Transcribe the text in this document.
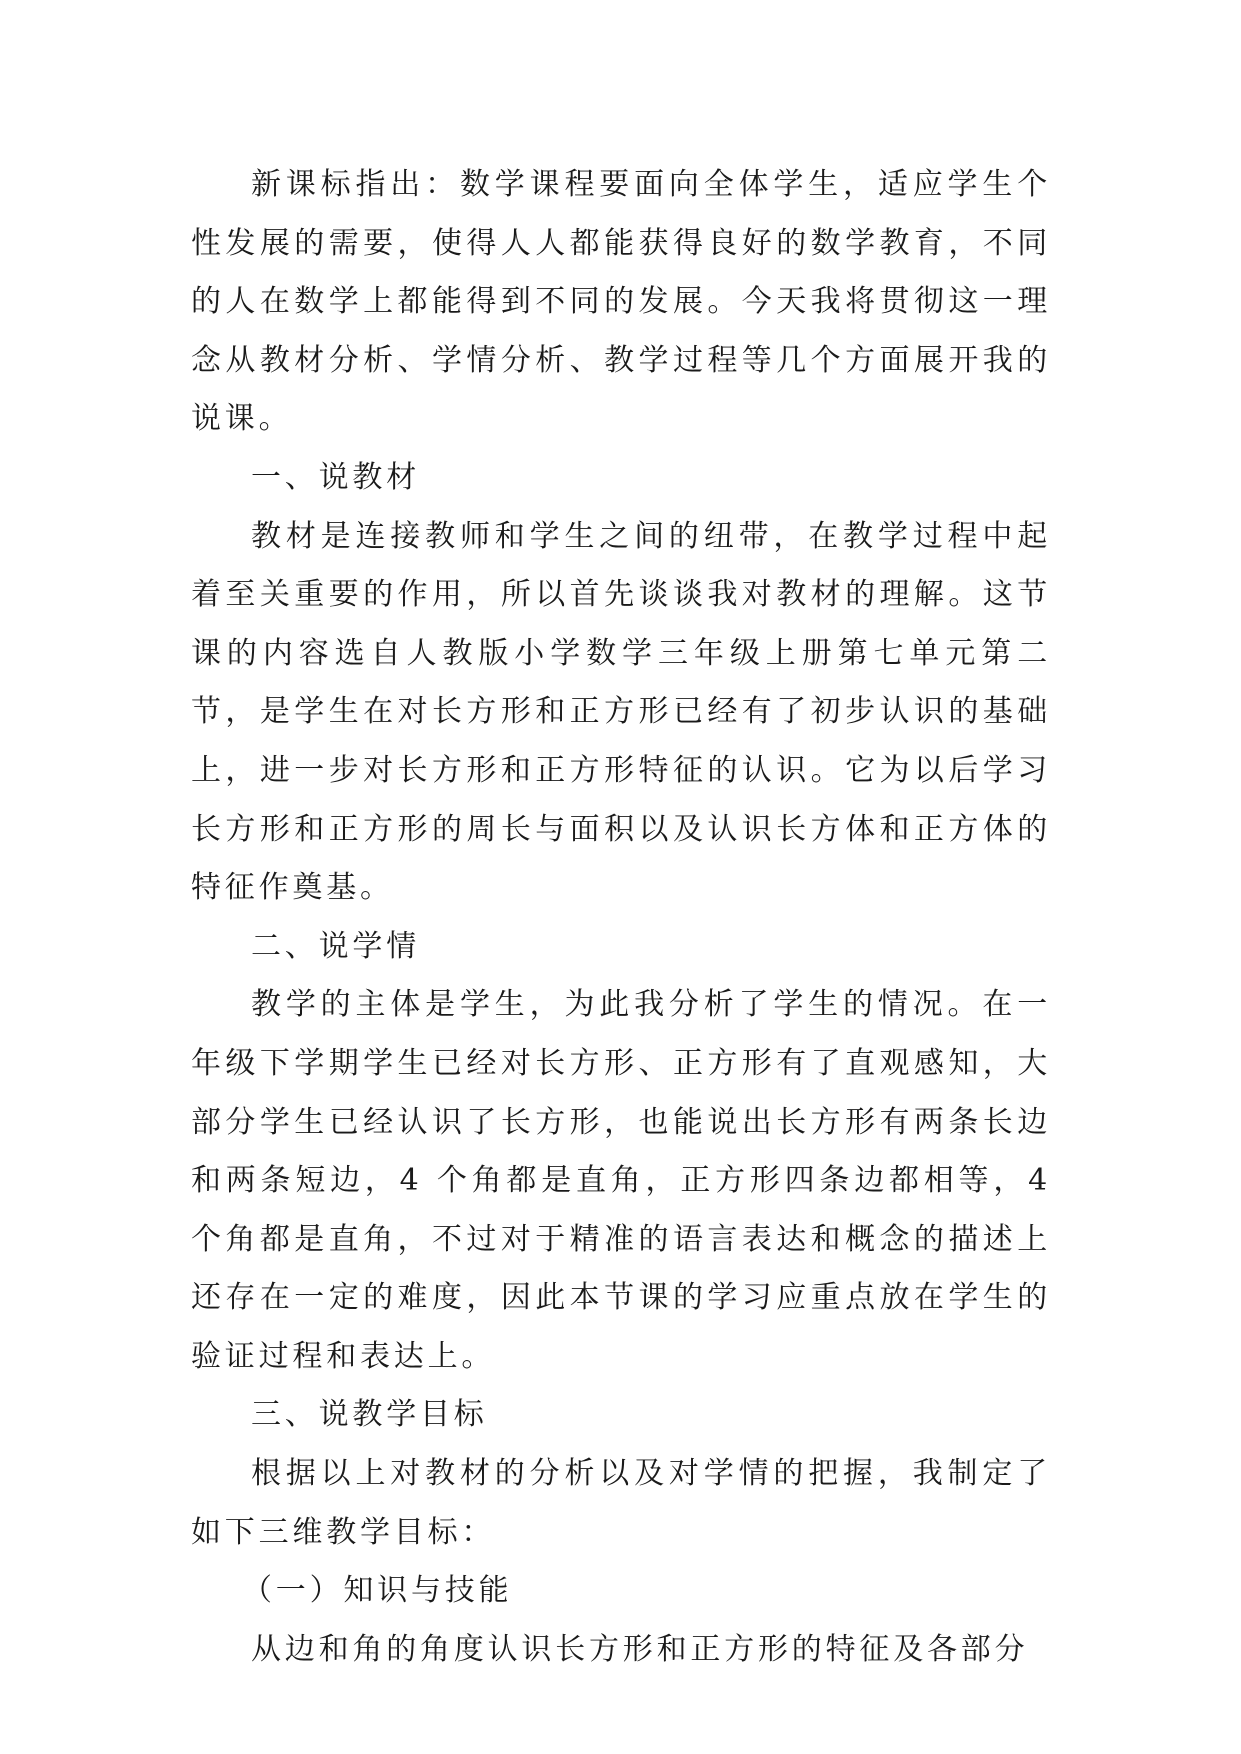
新课标指出：数学课程要面向全体学生，适应学生个性发展的需要，使得人人都能获得良好的数学教育，不同的人在数学上都能得到不同的发展。今天我将贯彻这一理念从教材分析、学情分析、教学过程等几个方面展开我的说课。

一、说教材

教材是连接教师和学生之间的纽带，在教学过程中起着至关重要的作用，所以首先谈谈我对教材的理解。这节课的内容选自人教版小学数学三年级上册第七单元第二节，是学生在对长方形和正方形已经有了初步认识的基础上，进一步对长方形和正方形特征的认识。它为以后学习长方形和正方形的周长与面积以及认识长方体和正方体的特征作奠基。

二、说学情

教学的主体是学生，为此我分析了学生的情况。在一年级下学期学生已经对长方形、正方形有了直观感知，大部分学生已经认识了长方形，也能说出长方形有两条长边和两条短边，4 个角都是直角，正方形四条边都相等，4 个角都是直角，不过对于精准的语言表达和概念的描述上还存在一定的难度，因此本节课的学习应重点放在学生的验证过程和表达上。

三、说教学目标

根据以上对教材的分析以及对学情的把握，我制定了如下三维教学目标：

（一）知识与技能

从边和角的角度认识长方形和正方形的特征及各部分
